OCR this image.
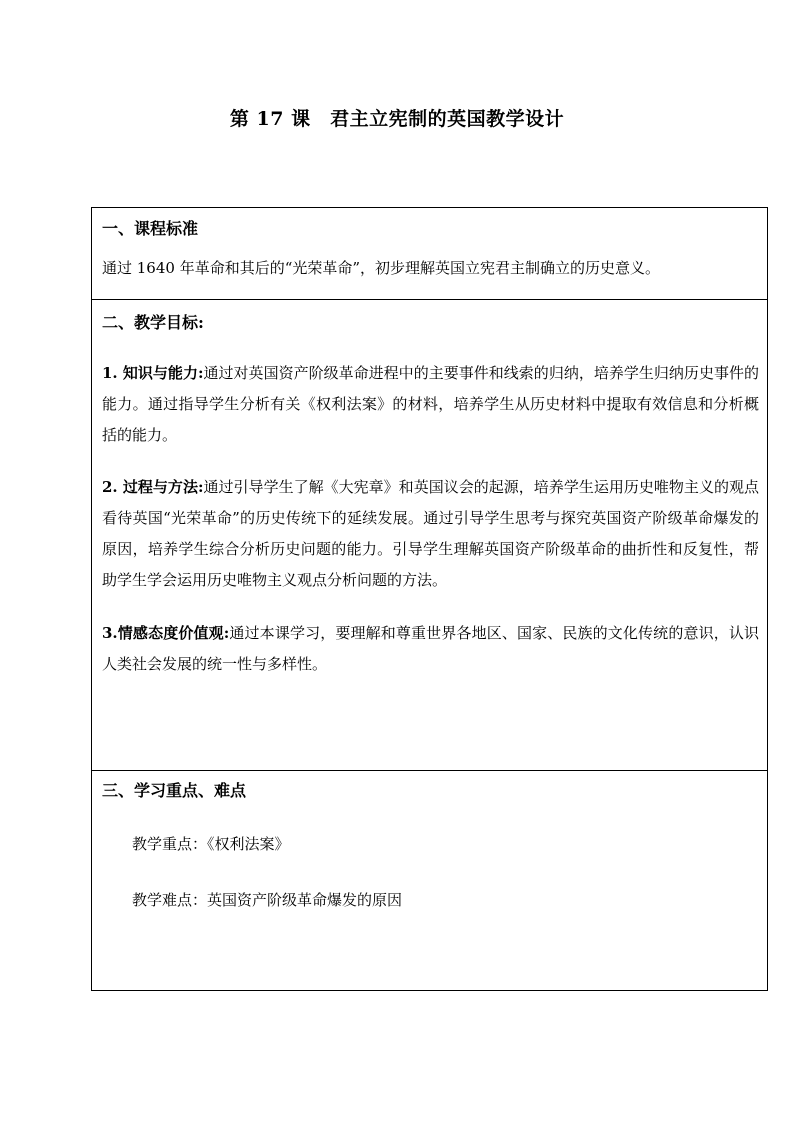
第 17 课　君主立宪制的英国教学设计
一、课程标准
通过 1640 年革命和其后的“光荣革命”，初步理解英国立宪君主制确立的历史意义。
二、教学目标:

1. 知识与能力:通过对英国资产阶级革命进程中的主要事件和线索的归纳，培养学生归纳历史事件的能力。通过指导学生分析有关《权利法案》的材料，培养学生从历史材料中提取有效信息和分析概括的能力。

2. 过程与方法:通过引导学生了解《大宪章》和英国议会的起源，培养学生运用历史唯物主义的观点看待英国“光荣革命”的历史传统下的延续发展。通过引导学生思考与探究英国资产阶级革命爆发的原因，培养学生综合分析历史问题的能力。引导学生理解英国资产阶级革命的曲折性和反复性，帮助学生学会运用历史唯物主义观点分析问题的方法。

3.情感态度价值观:通过本课学习，要理解和尊重世界各地区、国家、民族的文化传统的意识，认识人类社会发展的统一性与多样性。

三、学习重点、难点
教学重点：《权利法案》
教学难点：英国资产阶级革命爆发的原因
